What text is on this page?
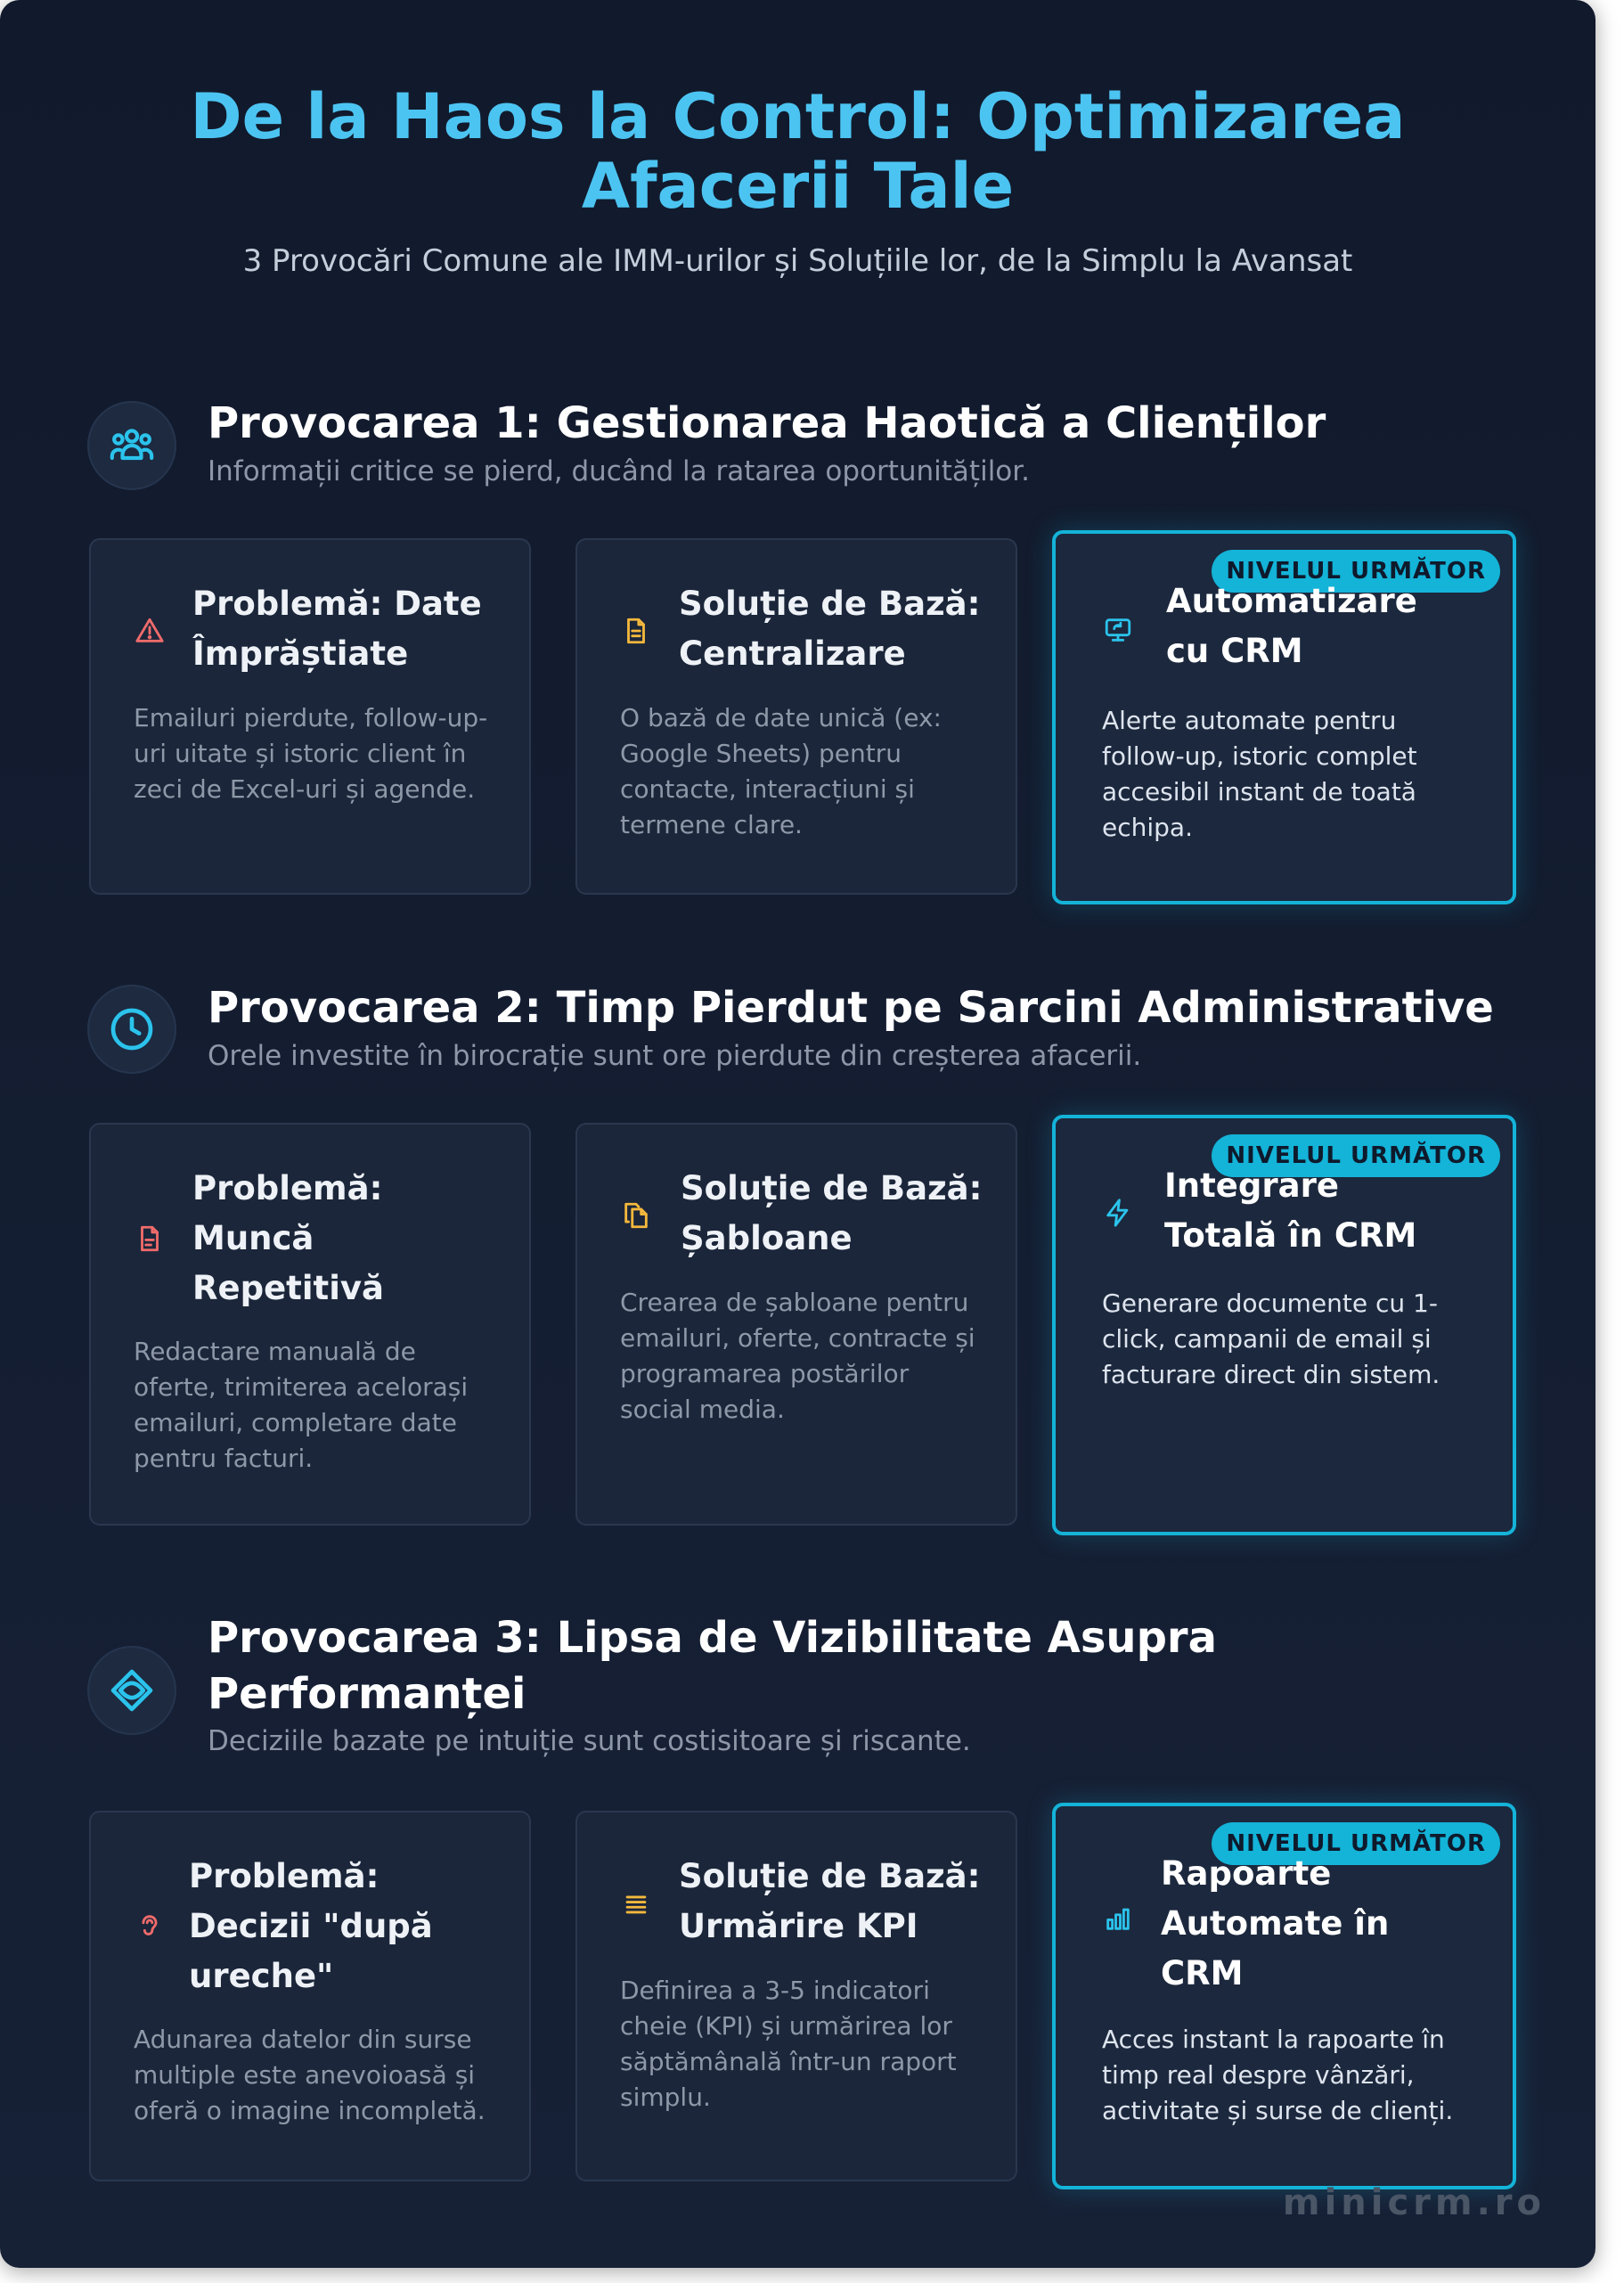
De la Haos la Control: Optimizarea Afacerii Tale
3 Provocări Comune ale IMM-urilor și Soluțiile lor, de la Simplu la Avansat
Provocarea 1: Gestionarea Haotică a Clienților
Informații critice se pierd, ducând la ratarea oportunităților.
Problemă: Date Împrăștiate
Emailuri pierdute, follow-up-uri uitate și istoric client în zeci de Excel-uri și agende.
Soluție de Bază: Centralizare
O bază de date unică (ex: Google Sheets) pentru contacte, interacțiuni și termene clare.
NIVELUL URMĂTOR
Automatizare cu CRM
Alerte automate pentru follow-up, istoric complet accesibil instant de toată echipa.
Provocarea 2: Timp Pierdut pe Sarcini Administrative
Orele investite în birocrație sunt ore pierdute din creșterea afacerii.
Problemă: Muncă Repetitivă
Redactare manuală de oferte, trimiterea acelorași emailuri, completare date pentru facturi.
Soluție de Bază: Șabloane
Crearea de șabloane pentru emailuri, oferte, contracte și programarea postărilor social media.
NIVELUL URMĂTOR
Integrare Totală în CRM
Generare documente cu 1-click, campanii de email și facturare direct din sistem.
Provocarea 3: Lipsa de Vizibilitate Asupra Performanței
Deciziile bazate pe intuiție sunt costisitoare și riscante.
Problemă: Decizii "după ureche"
Adunarea datelor din surse multiple este anevoioasă și oferă o imagine incompletă.
Soluție de Bază: Urmărire KPI
Definirea a 3-5 indicatori cheie (KPI) și urmărirea lor săptămânală într-un raport simplu.
NIVELUL URMĂTOR
Rapoarte Automate în CRM
Acces instant la rapoarte în timp real despre vânzări, activitate și surse de clienți.
minicrm.ro
